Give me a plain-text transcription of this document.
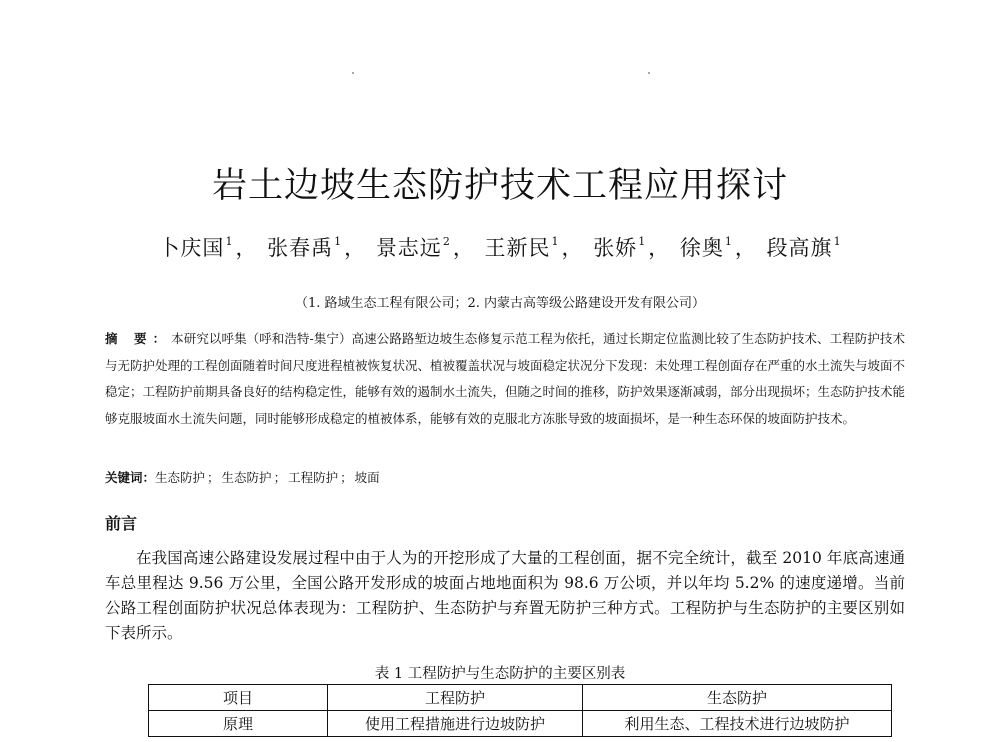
岩土边坡生态防护技术工程应用探讨
卜庆国$^1$， 张春禹$^1$， 景志远$^2$， 王新民$^1$， 张娇$^1$， 徐奥$^1$， 段高旗$^1$
（1. 路域生态工程有限公司；2. 内蒙古高等级公路建设开发有限公司）
摘 要：本研究以呼集（呼和浩特-集宁）高速公路路堑边坡生态修复示范工程为依托，通过长期定位监测比较了生态防护技术、工程防护技术与无防护处理的工程创面随着时间尺度进程植被恢复状况、植被覆盖状况与坡面稳定状况分下发现：未处理工程创面存在严重的水土流失与坡面不稳定；工程防护前期具备良好的结构稳定性，能够有效的遏制水土流失，但随之时间的推移，防护效果逐渐减弱，部分出现损坏；生态防护技术能够克服坡面水土流失问题，同时能够形成稳定的植被体系，能够有效的克服北方冻胀导致的坡面损坏，是一种生态环保的坡面防护技术。
关键词：生态防护 ； 生态防护 ； 工程防护 ； 坡面
前言

在我国高速公路建设发展过程中由于人为的开挖形成了大量的工程创面，据不完全统计，截至 2010 年底高速通车总里程达 9.56 万公里，全国公路开发形成的坡面占地地面积为 98.6 万公顷，并以年均 5.2% 的速度递增。当前公路工程创面防护状况总体表现为：工程防护、生态防护与弃置无防护三种方式。工程防护与生态防护的主要区别如下表所示。

表 1 工程防护与生态防护的主要区别表
项目	工程防护	生态防护
原理	使用工程措施进行边坡防护	利用生态、工程技术进行边坡防护
